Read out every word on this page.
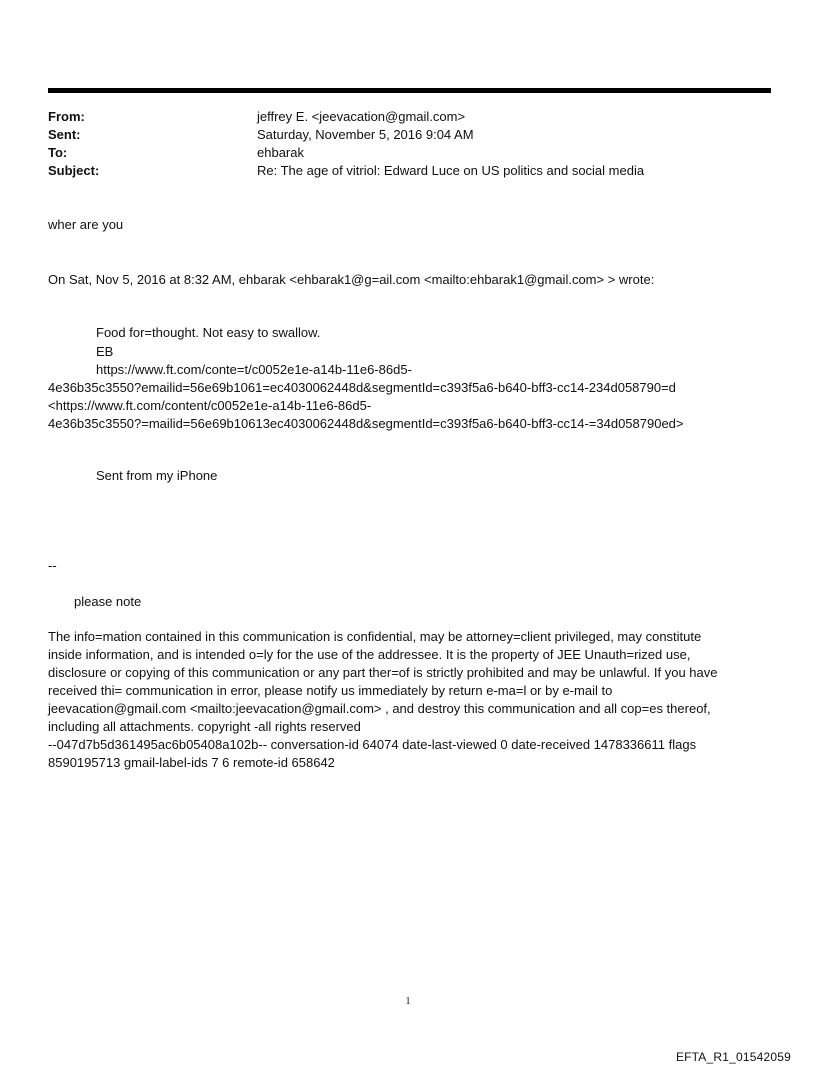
From:	jeffrey E. <jeevacation@gmail.com>
Sent:	Saturday, November 5, 2016 9:04 AM
To:	ehbarak
Subject:	Re: The age of vitriol: Edward Luce on US politics and social media
wher are you
On Sat, Nov 5, 2016 at 8:32 AM, ehbarak <ehbarak1@g=ail.com <mailto:ehbarak1@gmail.com> > wrote:
Food for=thought. Not easy to swallow.
EB
https://www.ft.com/conte=t/c0052e1e-a14b-11e6-86d5-
4e36b35c3550?emailid=56e69b1061=ec4030062448d&segmentId=c393f5a6-b640-bff3-cc14-234d058790=d
<https://www.ft.com/content/c0052e1e-a14b-11e6-86d5-
4e36b35c3550?=mailid=56e69b10613ec4030062448d&segmentId=c393f5a6-b640-bff3-cc14-=34d058790ed>
Sent from my iPhone
--
please note
The info=mation contained in this communication is confidential, may be attorney=client privileged, may constitute
inside information, and is intended o=ly for the use of the addressee. It is the property of JEE Unauth=rized use,
disclosure or copying of this communication or any part ther=of is strictly prohibited and may be unlawful. If you have
received thi= communication in error, please notify us immediately by return e-ma=l or by e-mail to
jeevacation@gmail.com <mailto:jeevacation@gmail.com> , and destroy this communication and all cop=es thereof,
including all attachments. copyright -all rights reserved
--047d7b5d361495ac6b05408a102b-- conversation-id 64074 date-last-viewed 0 date-received 1478336611 flags
8590195713 gmail-label-ids 7 6 remote-id 658642
1
EFTA_R1_01542059
